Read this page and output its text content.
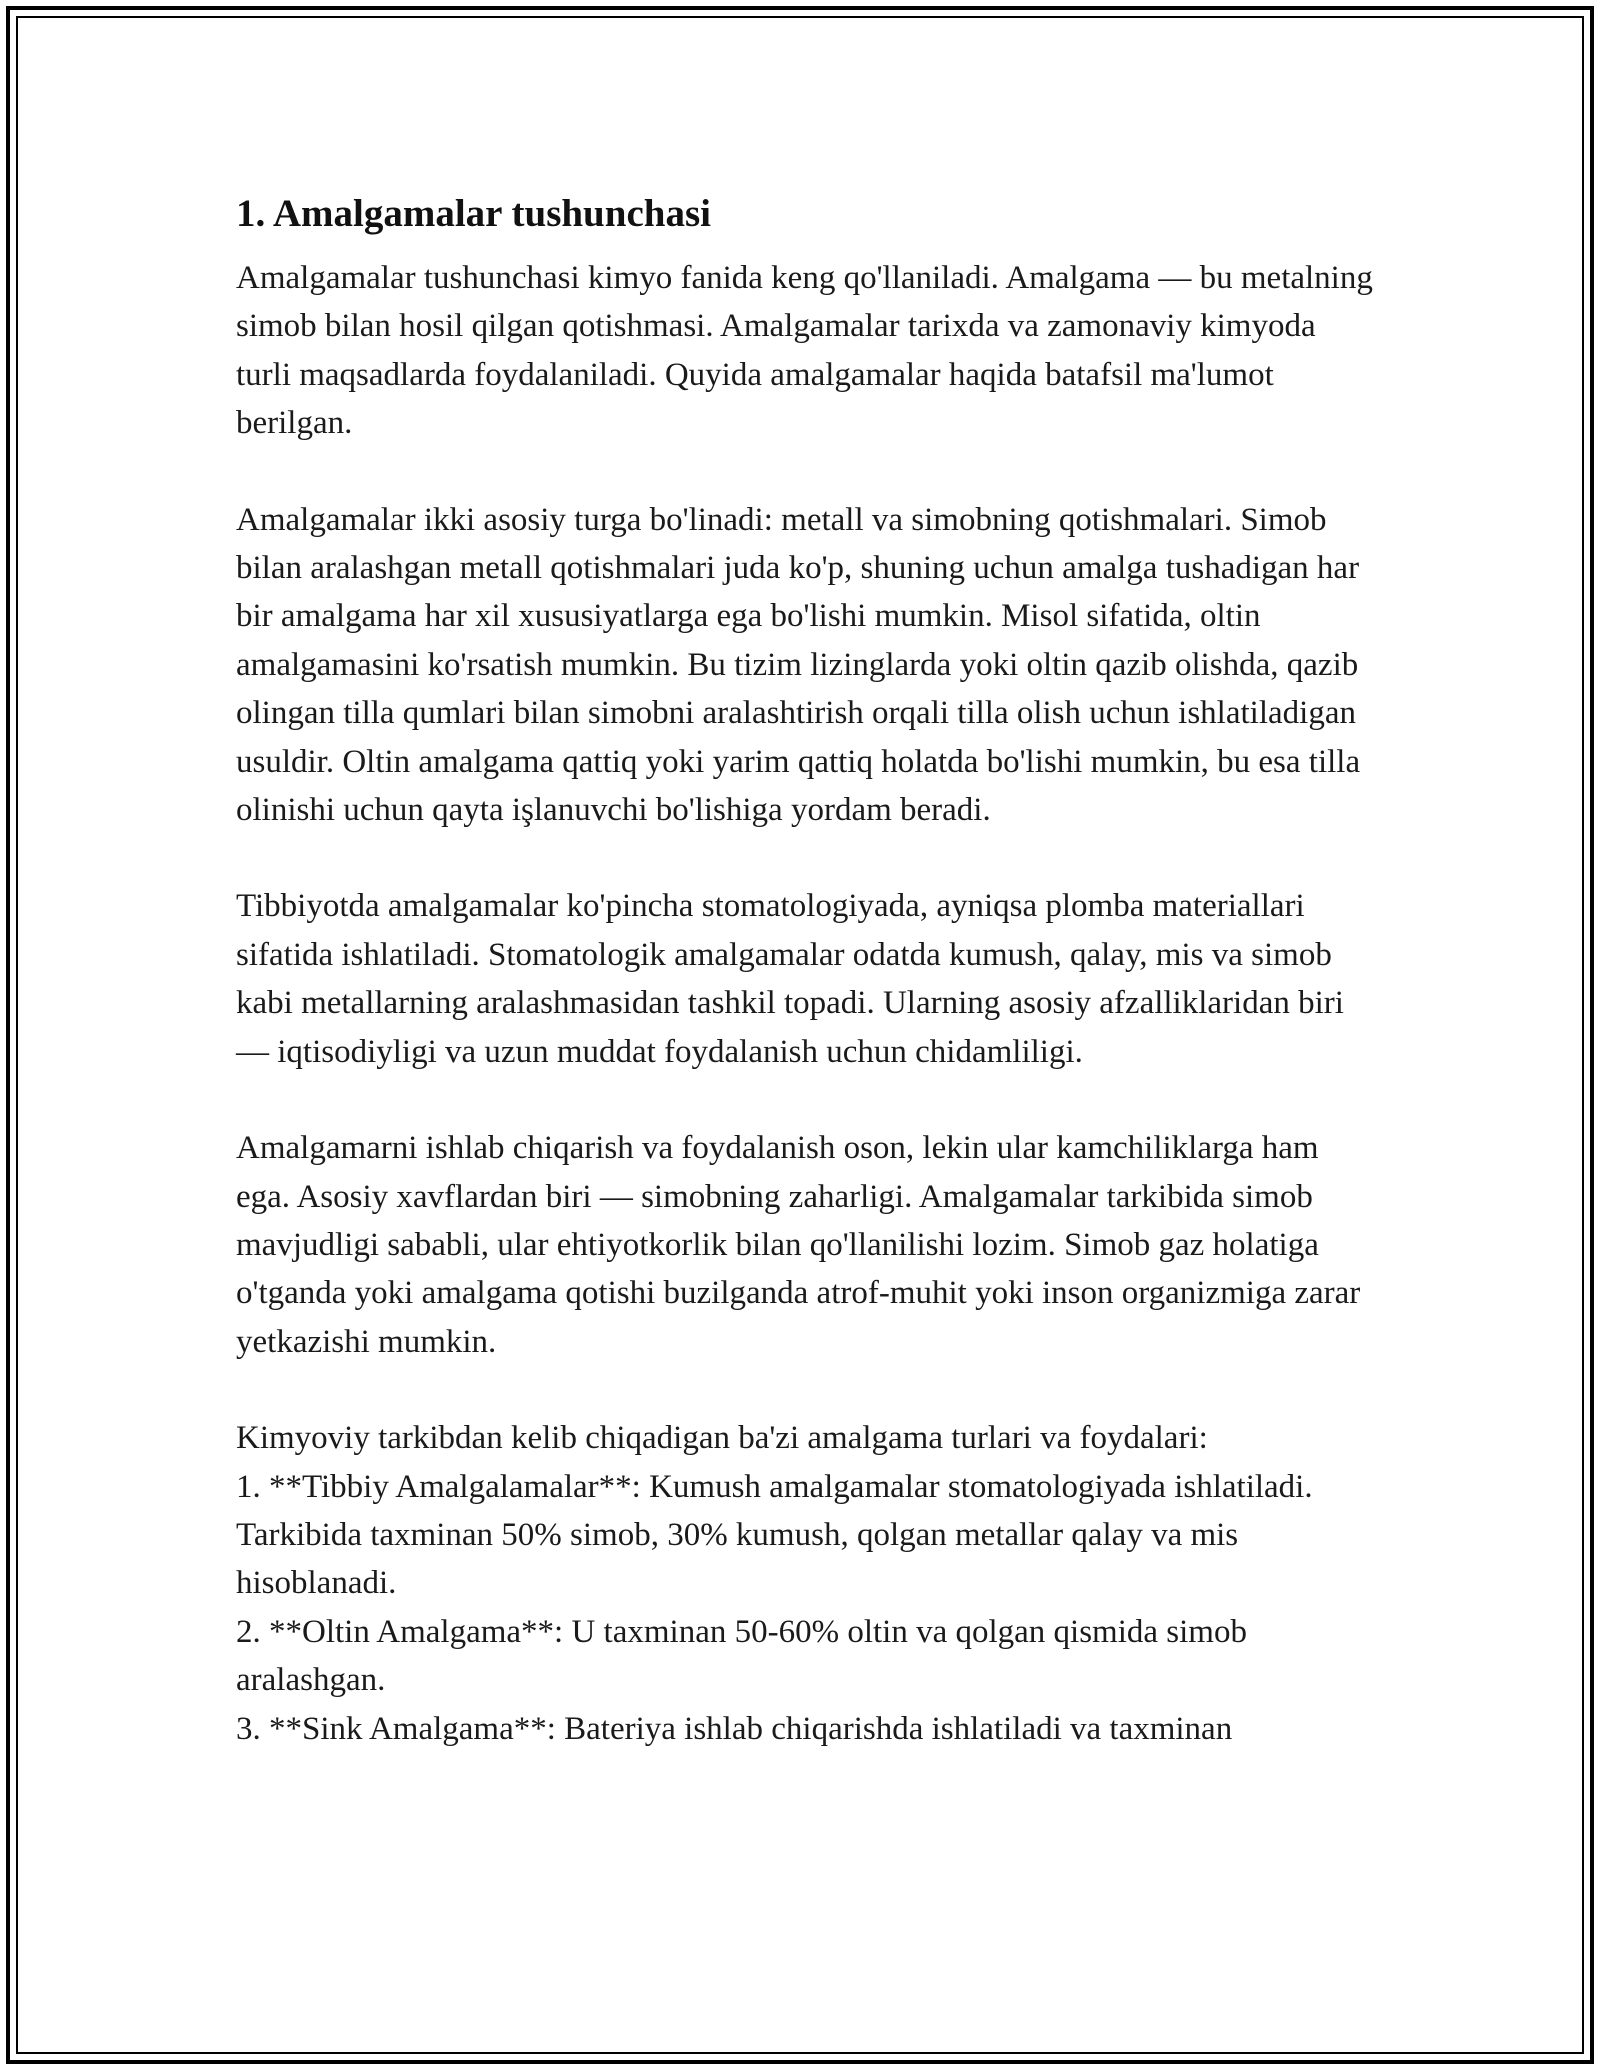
1. Amalgamalar tushunchasi

Amalgamalar tushunchasi kimyo fanida keng qo'llaniladi. Amalgama — bu metalning simob bilan hosil qilgan qotishmasi. Amalgamalar tarixda va zamonaviy kimyoda turli maqsadlarda foydalaniladi. Quyida amalgamalar haqida batafsil ma'lumot berilgan.

Amalgamalar ikki asosiy turga bo'linadi: metall va simobning qotishmalari. Simob bilan aralashgan metall qotishmalari juda ko'p, shuning uchun amalga tushadigan har bir amalgama har xil xususiyatlarga ega bo'lishi mumkin. Misol sifatida, oltin amalgamasini ko'rsatish mumkin. Bu tizim lizinglarda yoki oltin qazib olishda, qazib olingan tilla qumlari bilan simobni aralashtirish orqali tilla olish uchun ishlatiladigan usuldir. Oltin amalgama qattiq yoki yarim qattiq holatda bo'lishi mumkin, bu esa tilla olinishi uchun qayta işlanuvchi bo'lishiga yordam beradi.

Tibbiyotda amalgamalar ko'pincha stomatologiyada, ayniqsa plomba materiallari sifatida ishlatiladi. Stomatologik amalgamalar odatda kumush, qalay, mis va simob kabi metallarning aralashmasidan tashkil topadi. Ularning asosiy afzalliklaridan biri — iqtisodiyligi va uzun muddat foydalanish uchun chidamliligi.

Amalgamarni ishlab chiqarish va foydalanish oson, lekin ular kamchiliklarga ham ega. Asosiy xavflardan biri — simobning zaharligi. Amalgamalar tarkibida simob mavjudligi sababli, ular ehtiyotkorlik bilan qo'llanilishi lozim. Simob gaz holatiga o'tganda yoki amalgama qotishi buzilganda atrof-muhit yoki inson organizmiga zarar yetkazishi mumkin.

Kimyoviy tarkibdan kelib chiqadigan ba'zi amalgama turlari va foydalari:

1. **Tibbiy Amalgalamalar**: Kumush amalgamalar stomatologiyada ishlatiladi. Tarkibida taxminan 50% simob, 30% kumush, qolgan metallar qalay va mis hisoblanadi.

2. **Oltin Amalgama**: U taxminan 50-60% oltin va qolgan qismida simob aralashgan.

3. **Sink Amalgama**: Bateriya ishlab chiqarishda ishlatiladi va taxminan
